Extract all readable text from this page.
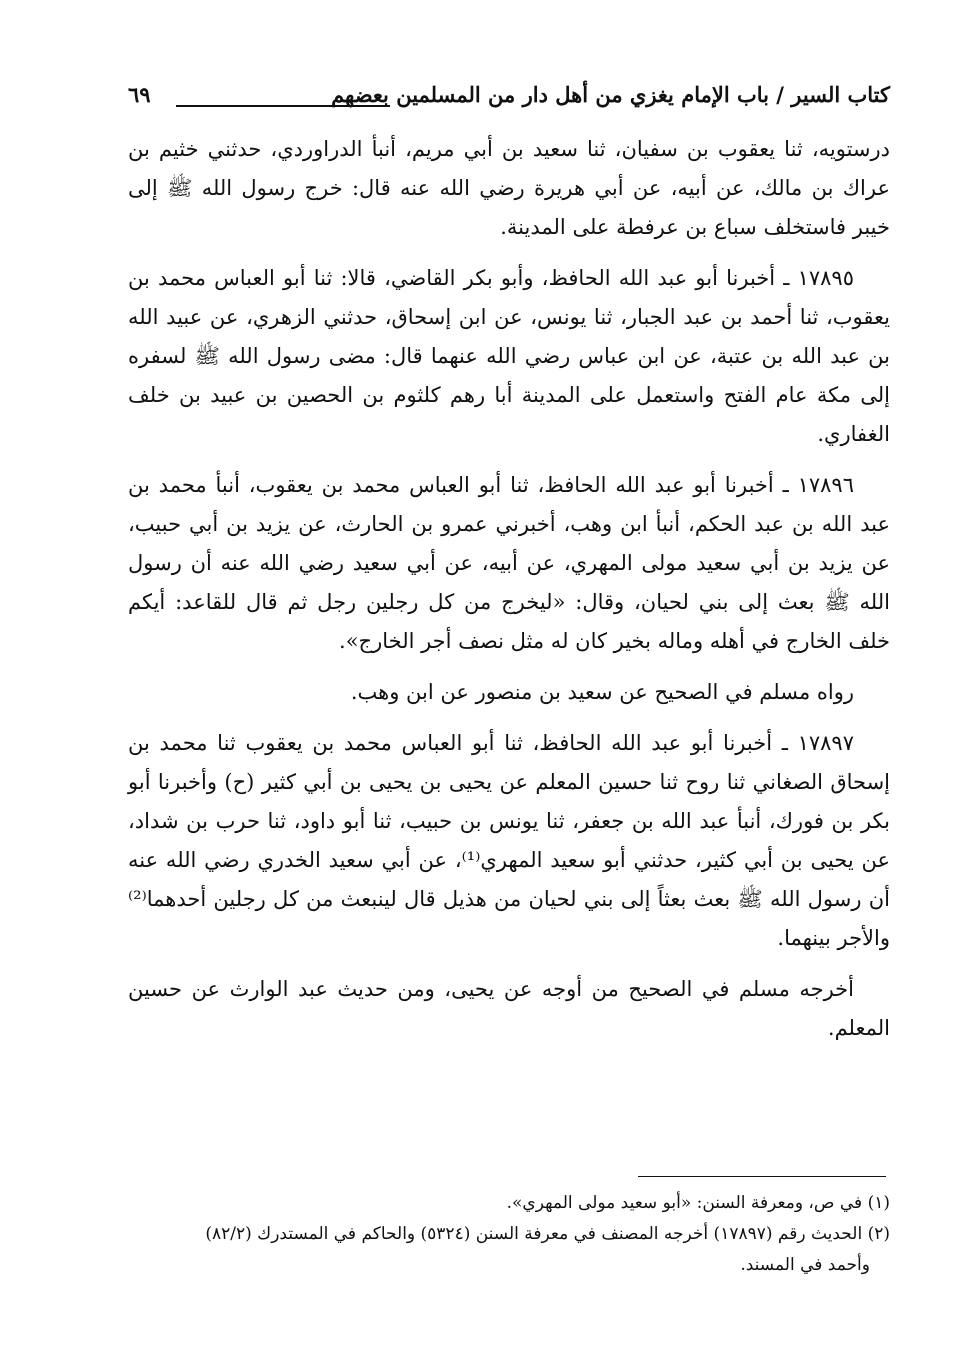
كتاب السير / باب الإمام يغزي من أهل دار من المسلمين بعضهم
٦٩

درستويه، ثنا يعقوب بن سفيان، ثنا سعيد بن أبي مريم، أنبأ الدراوردي، حدثني خثيم بن عراك بن مالك، عن أبيه، عن أبي هريرة رضي الله عنه قال: خرج رسول الله ﷺ إلى خيبر فاستخلف سباع بن عرفطة على المدينة.

١٧٨٩٥ ـ أخبرنا أبو عبد الله الحافظ، وأبو بكر القاضي، قالا: ثنا أبو العباس محمد بن يعقوب، ثنا أحمد بن عبد الجبار، ثنا يونس، عن ابن إسحاق، حدثني الزهري، عن عبيد الله بن عبد الله بن عتبة، عن ابن عباس رضي الله عنهما قال: مضى رسول الله ﷺ لسفره إلى مكة عام الفتح واستعمل على المدينة أبا رهم كلثوم بن الحصين بن عبيد بن خلف الغفاري.

١٧٨٩٦ ـ أخبرنا أبو عبد الله الحافظ، ثنا أبو العباس محمد بن يعقوب، أنبأ محمد بن عبد الله بن عبد الحكم، أنبأ ابن وهب، أخبرني عمرو بن الحارث، عن يزيد بن أبي حبيب، عن يزيد بن أبي سعيد مولى المهري، عن أبيه، عن أبي سعيد رضي الله عنه أن رسول الله ﷺ بعث إلى بني لحيان، وقال: «ليخرج من كل رجلين رجل ثم قال للقاعد: أيكم خلف الخارج في أهله وماله بخير كان له مثل نصف أجر الخارج».

رواه مسلم في الصحيح عن سعيد بن منصور عن ابن وهب.

١٧٨٩٧ ـ أخبرنا أبو عبد الله الحافظ، ثنا أبو العباس محمد بن يعقوب ثنا محمد بن إسحاق الصغاني ثنا روح ثنا حسين المعلم عن يحيى بن يحيى بن أبي كثير (ح) وأخبرنا أبو بكر بن فورك، أنبأ عبد الله بن جعفر، ثنا يونس بن حبيب، ثنا أبو داود، ثنا حرب بن شداد، عن يحيى بن أبي كثير، حدثني أبو سعيد المهري⁽¹⁾، عن أبي سعيد الخدري رضي الله عنه أن رسول الله ﷺ بعث بعثاً إلى بني لحيان من هذيل قال لينبعث من كل رجلين أحدهما⁽²⁾ والأجر بينهما.

أخرجه مسلم في الصحيح من أوجه عن يحيى، ومن حديث عبد الوارث عن حسين المعلم.

(١) في ص، ومعرفة السنن: «أبو سعيد مولى المهري».

(٢) الحديث رقم (١٧٨٩٧) أخرجه المصنف في معرفة السنن (٥٣٢٤) والحاكم في المستدرك (٨٢/٢)

وأحمد في المسند.
